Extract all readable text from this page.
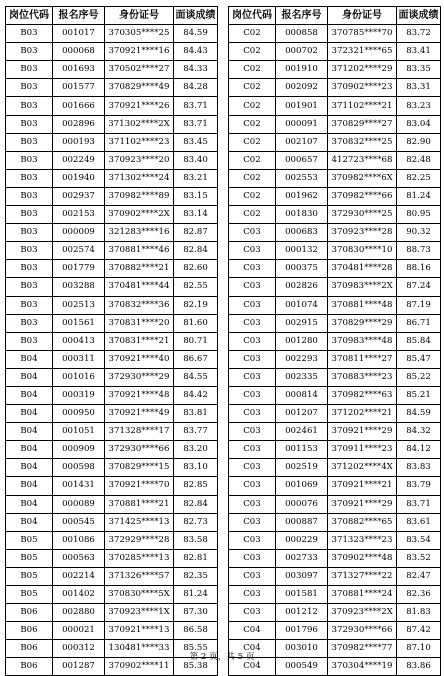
岗位代码	报名序号	身份证号	面谈成绩
B03	001017	370305****25	84.59
B03	000068	370921****16	84.43
B03	001693	370502****27	84.33
B03	001577	370829****49	84.28
B03	001666	370921****26	83.71
B03	002896	371302****2X	83.71
B03	000193	371102****23	83.45
B03	002249	370923****20	83.40
B03	001940	371302****24	83.21
B03	002937	370982****89	83.15
B03	002153	370902****2X	83.14
B03	000009	321283****16	82.87
B03	002574	370881****46	82.84
B03	001779	370882****21	82.60
B03	003288	370481****44	82.55
B03	002513	370832****36	82.19
B03	001561	370831****20	81.60
B03	000413	370831****21	80.71
B04	000311	370921****40	86.67
B04	001016	372930****29	84.55
B04	000319	370921****48	84.42
B04	000950	370921****49	83.81
B04	001051	371328****17	83.77
B04	000909	372930****66	83.20
B04	000598	370829****15	83.10
B04	001431	370921****70	82.85
B04	000089	370881****21	82.84
B04	000545	371425****13	82.73
B05	001086	372929****28	83.58
B05	000563	370285****13	82.81
B05	002214	371326****57	82.35
B05	001402	370830****5X	81.24
B06	002880	370923****1X	87.30
B06	000021	370921****13	86.58
B06	000312	130481****33	85.55
B06	001287	370902****11	85.38
岗位代码	报名序号	身份证号	面谈成绩
C02	000858	370785****70	83.72
C02	000702	372321****65	83.41
C02	001910	371202****29	83.35
C02	002092	370902****23	83.31
C02	001901	371102****21	83.23
C02	000091	370829****27	83.04
C02	002107	370832****25	82.90
C02	000657	412723****68	82.48
C02	002553	370982****6X	82.25
C02	001962	370982****66	81.24
C02	001830	372930****25	80.95
C03	000683	370923****28	90.32
C03	000132	370830****10	88.73
C03	000375	370481****28	88.16
C03	002826	370983****2X	87.24
C03	001074	370881****48	87.19
C03	002915	370829****29	86.71
C03	001280	370983****48	85.84
C03	002293	370811****27	85.47
C03	002335	370883****23	85.22
C03	000814	370982****63	85.21
C03	001207	371202****21	84.59
C03	002461	370921****29	84.32
C03	001153	370911****23	84.12
C03	002519	371202****4X	83.83
C03	001069	370921****21	83.79
C03	000076	370921****29	83.71
C03	000887	370882****65	83.61
C03	000229	371323****23	83.54
C03	002733	370902****48	83.52
C03	003097	371327****22	82.47
C03	001581	370881****24	82.36
C03	001212	370923****2X	81.83
C04	001796	372930****66	87.42
C04	003010	370982****77	87.10
C04	000549	370304****19	83.86
第 2 页，共 5 页
